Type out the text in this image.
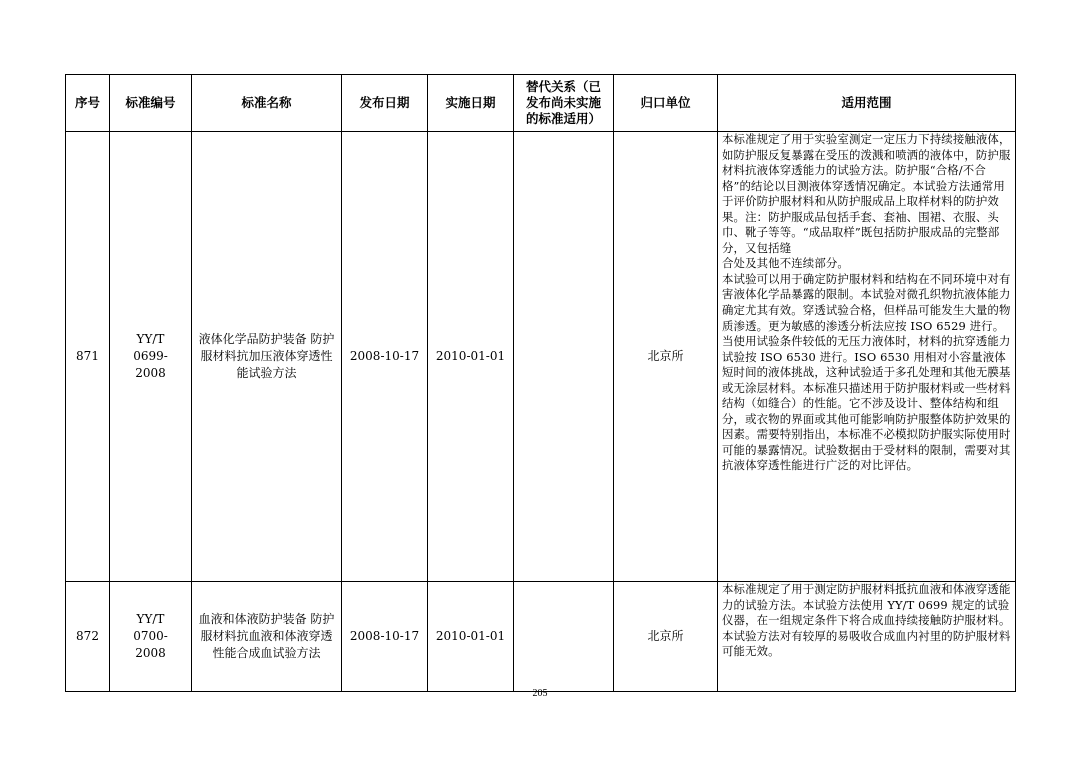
序号	标准编号	标准名称	发布日期	实施日期	替代关系（已发布尚未实施的标准适用）	归口单位	适用范围
871	YY/T 0699-2008	液体化学品防护装备 防护服材料抗加压液体穿透性能试验方法	2008-10-17	2010-01-01		北京所	本标准规定了用于实验室测定一定压力下持续接触液体，如防护服反复暴露在受压的泼溅和喷洒的液体中，防护服材料抗液体穿透能力的试验方法。防护服“合格/不合格”的结论以目测液体穿透情况确定。本试验方法通常用于评价防护服材料和从防护服成品上取样材料的防护效果。注：防护服成品包括手套、套袖、围裙、衣服、头巾、靴子等等。“成品取样”既包括防护服成品的完整部分，又包括缝

合处及其他不连续部分。

本试验可以用于确定防护服材料和结构在不同环境中对有害液体化学品暴露的限制。本试验对微孔织物抗液体能力确定尤其有效。穿透试验合格，但样品可能发生大量的物质渗透。更为敏感的渗透分析法应按 ISO 6529 进行。当使用试验条件较低的无压力液体时，材料的抗穿透能力试验按 ISO 6530 进行。ISO 6530 用相对小容量液体短时间的液体挑战，这种试验适于多孔处理和其他无膜基或无涂层材料。本标准只描述用于防护服材料或一些材料结构（如缝合）的性能。它不涉及设计、整体结构和组分，或衣物的界面或其他可能影响防护服整体防护效果的因素。需要特别指出，本标准不必模拟防护服实际使用时可能的暴露情况。试验数据由于受材料的限制，需要对其抗液体穿透性能进行广泛的对比评估。

872	YY/T 0700-2008	血液和体液防护装备 防护服材料抗血液和体液穿透性能合成血试验方法	2008-10-17	2010-01-01		北京所	本标准规定了用于测定防护服材料抵抗血液和体液穿透能力的试验方法。本试验方法使用 YY/T 0699 规定的试验仪器，在一组规定条件下将合成血持续接触防护服材料。本试验方法对有较厚的易吸收合成血内衬里的防护服材料可能无效。

205
